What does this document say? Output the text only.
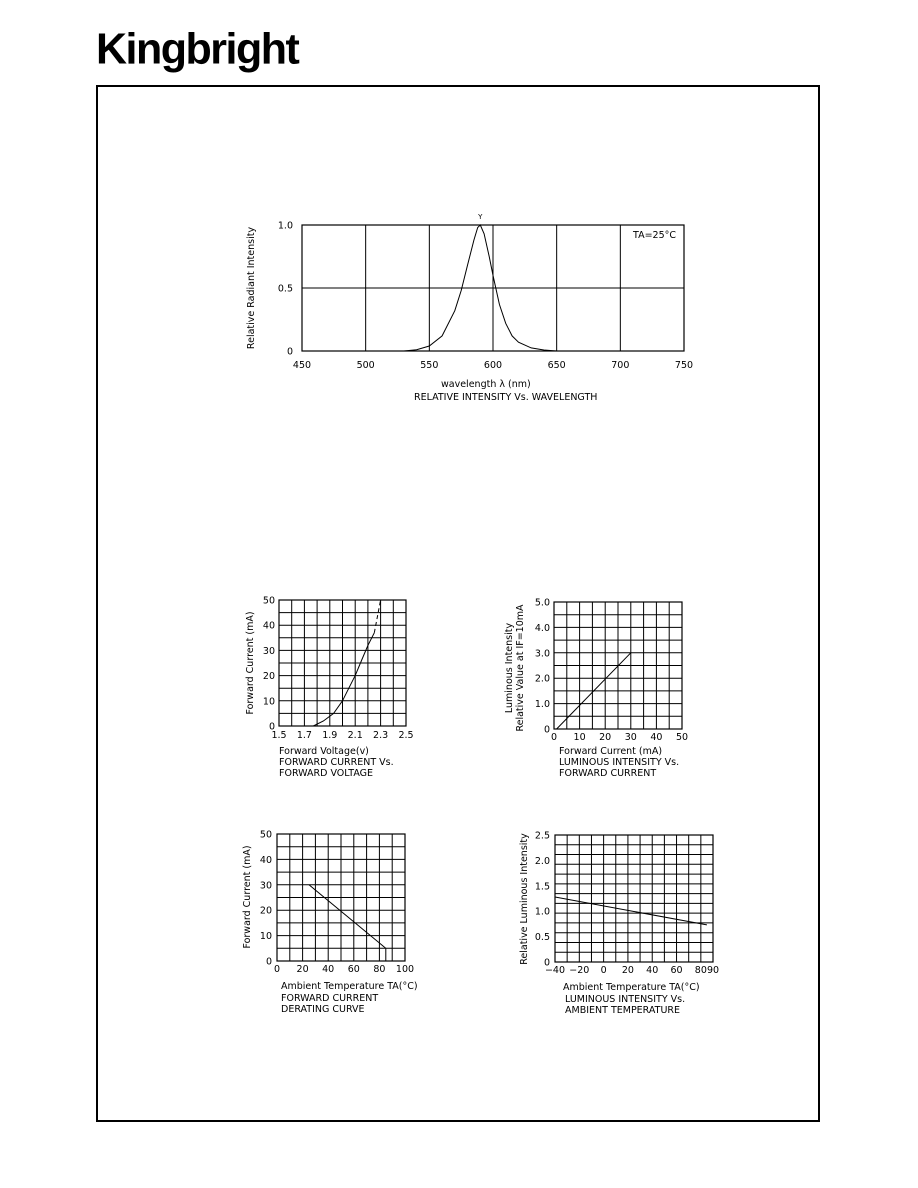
Kingbright
450	500	550	600	650	700	750
0
0.5
1.0
wavelength λ (nm)
Relative Radiant Intensity
RELATIVE INTENSITY Vs. WAVELENGTH
1.5 1.7 1.9 2.1 2.3 2.5
0
10
20
30
40
50
Forward Voltage(v)
Forward Current (mA)
FORWARD CURRENT Vs.
FORWARD VOLTAGE
0 10 20 30 40 50
0
1.0
2.0
3.0
4.0
5.0
Forward Current (mA)
Luminous Intensity Relative Value at IF=10mA
LUMINOUS INTENSITY Vs.
FORWARD CURRENT
0 20 40 60 80 100
0
10
20
30
40
50
Ambient Temperature TA(°C)
Forward Current (mA)
FORWARD CURRENT
DERATING CURVE
−40 −20 0 20 40 60 80 90
0
0.5
1.0
1.5
2.0
2.5
Ambient Temperature TA(°C)
Relative Luminous Intensity
LUMINOUS INTENSITY Vs.
AMBIENT TEMPERATURE
TA=25°C
Y
